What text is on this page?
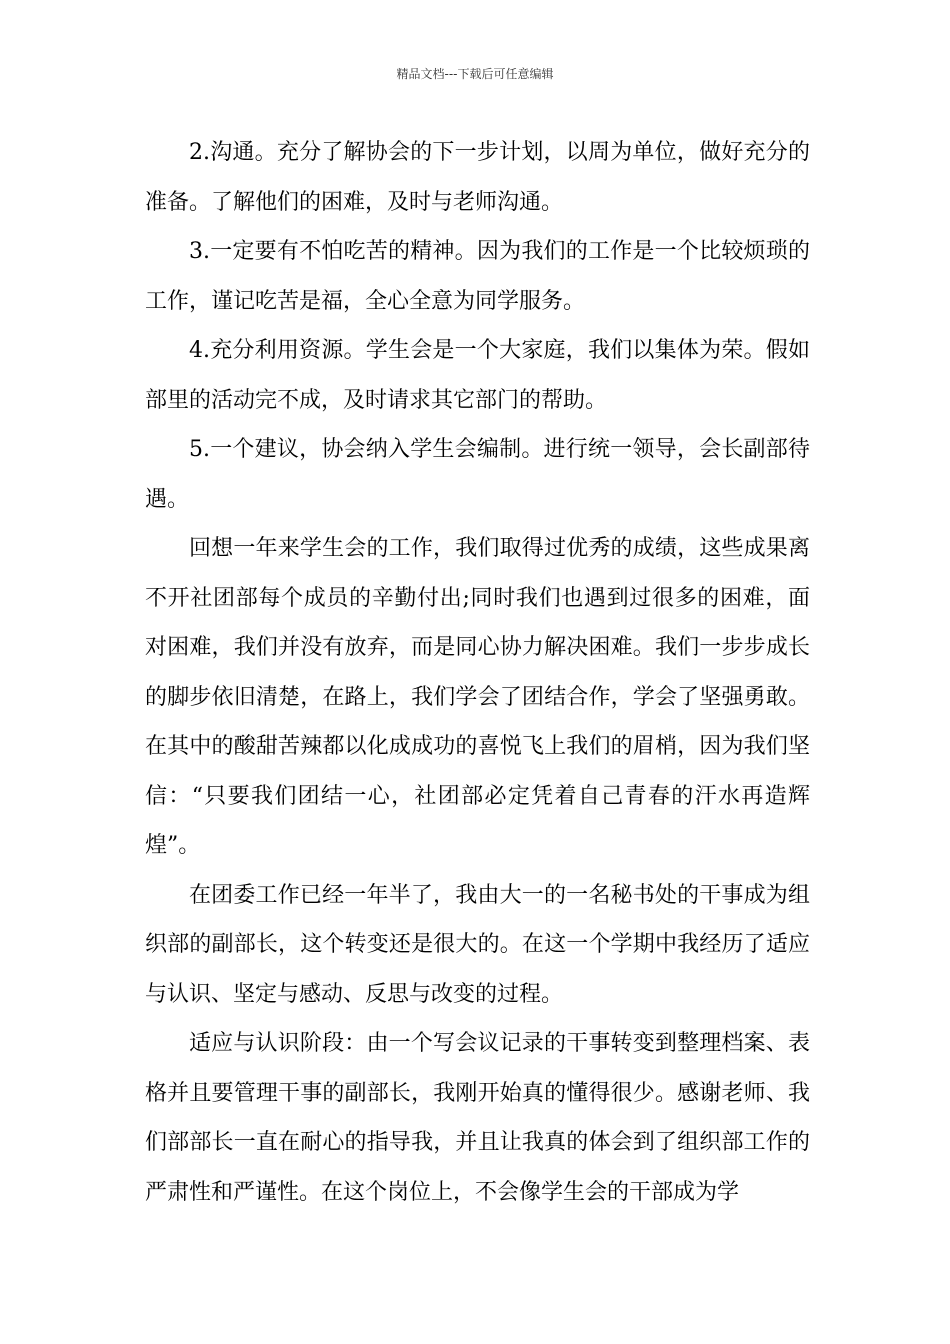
精品文档---下载后可任意编辑

2.沟通。充分了解协会的下一步计划，以周为单位，做好充分的准备。了解他们的困难，及时与老师沟通。

3.一定要有不怕吃苦的精神。因为我们的工作是一个比较烦琐的工作，谨记吃苦是福，全心全意为同学服务。

4.充分利用资源。学生会是一个大家庭，我们以集体为荣。假如部里的活动完不成，及时请求其它部门的帮助。

5.一个建议，协会纳入学生会编制。进行统一领导，会长副部待遇。

回想一年来学生会的工作，我们取得过优秀的成绩，这些成果离不开社团部每个成员的辛勤付出;同时我们也遇到过很多的困难，面对困难，我们并没有放弃，而是同心协力解决困难。我们一步步成长的脚步依旧清楚，在路上，我们学会了团结合作，学会了坚强勇敢。在其中的酸甜苦辣都以化成成功的喜悦飞上我们的眉梢，因为我们坚信：“只要我们团结一心，社团部必定凭着自己青春的汗水再造辉煌”。

在团委工作已经一年半了，我由大一的一名秘书处的干事成为组织部的副部长，这个转变还是很大的。在这一个学期中我经历了适应与认识、坚定与感动、反思与改变的过程。

适应与认识阶段：由一个写会议记录的干事转变到整理档案、表格并且要管理干事的副部长，我刚开始真的懂得很少。感谢老师、我们部部长一直在耐心的指导我，并且让我真的体会到了组织部工作的严肃性和严谨性。在这个岗位上，不会像学生会的干部成为学
